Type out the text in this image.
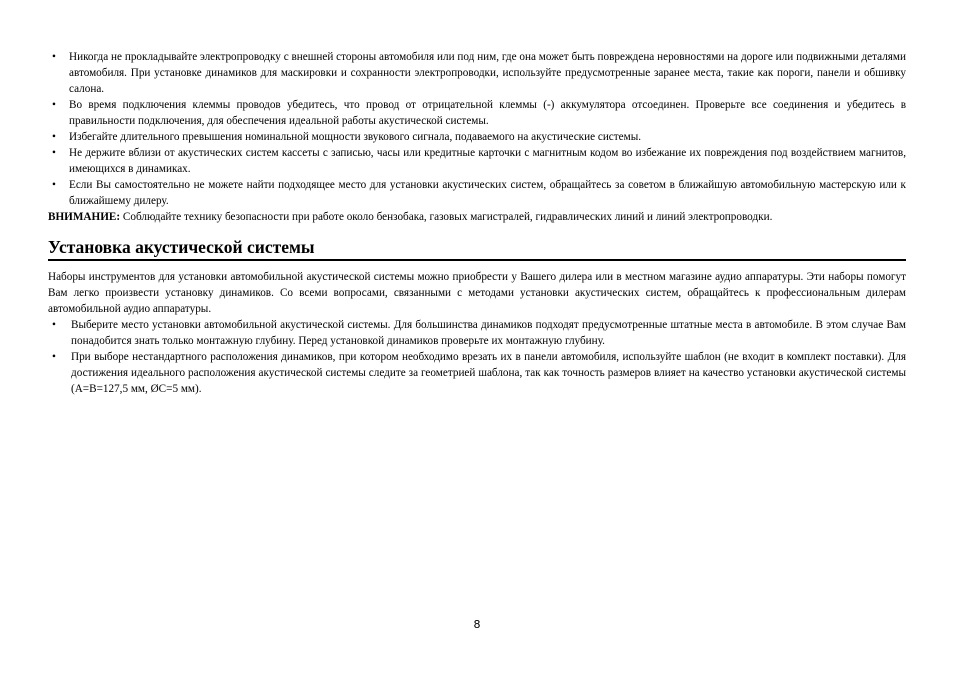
•	Никогда не прокладывайте электропроводку с внешней стороны автомобиля или под ним, где она может быть повреждена неровностями на дороге или подвижными деталями автомобиля. При установке динамиков для маскировки и сохранности электропроводки, используйте предусмотренные заранее места, такие как пороги, панели и обшивку салона.
•	Во время подключения клеммы проводов убедитесь, что провод от отрицательной клеммы (-) аккумулятора отсоединен. Проверьте все соединения и убедитесь в правильности подключения, для обеспечения идеальной работы акустической системы.
•	Избегайте длительного превышения номинальной мощности звукового сигнала, подаваемого на акустические системы.
•	Не держите вблизи от акустических систем кассеты с записью, часы или кредитные карточки с магнитным кодом во избежание их повреждения под воздействием магнитов, имеющихся в динамиках.
•	Если Вы самостоятельно не можете найти подходящее место для установки акустических систем, обращайтесь за советом в ближайшую автомобильную мастерскую или к ближайшему дилеру.

ВНИМАНИЕ: Соблюдайте технику безопасности при работе около бензобака, газовых магистралей, гидравлических линий и линий электропроводки.

Установка акустической системы

Наборы инструментов для установки автомобильной акустической системы можно приобрести у Вашего дилера или в местном магазине аудио аппаратуры. Эти наборы помогут Вам легко произвести установку динамиков. Со всеми вопросами, связанными с методами установки акустических систем, обращайтесь к профессиональным дилерам автомобильной аудио аппаратуры.

•	Выберите место установки автомобильной акустической системы. Для большинства динамиков подходят предусмотренные штатные места в автомобиле. В этом случае Вам понадобится знать только монтажную глубину. Перед установкой динамиков проверьте их монтажную глубину.
•	При выборе нестандартного расположения динамиков, при котором необходимо врезать их в панели автомобиля, используйте шаблон (не входит в комплект поставки). Для достижения идеального расположения акустической системы следите за геометрией шаблона, так как точность размеров влияет на качество установки акустической системы (A=B=127,5 мм, ØC=5 мм).
8
